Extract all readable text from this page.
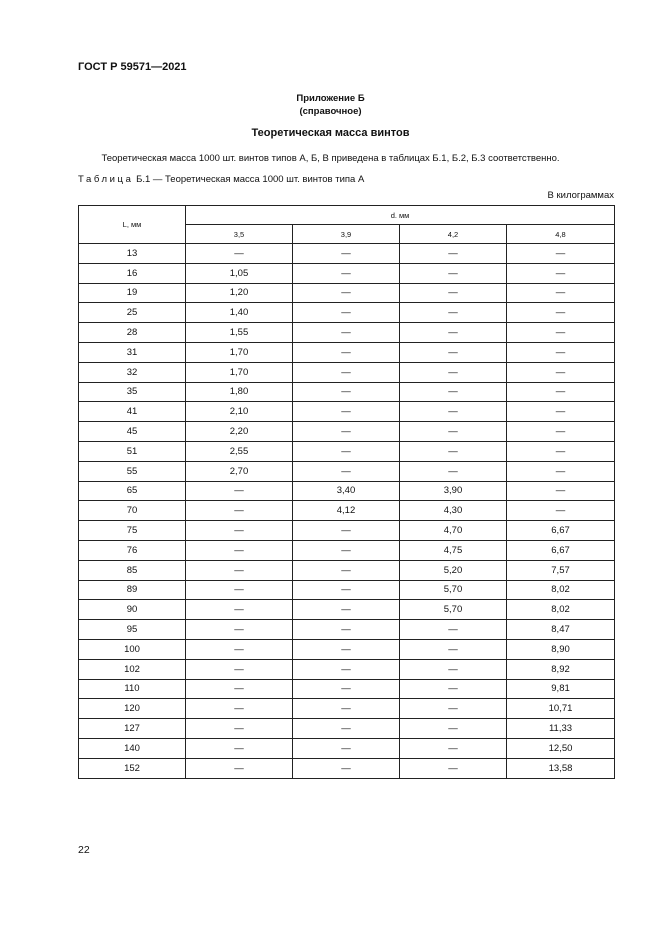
ГОСТ Р 59571—2021
Приложение Б
(справочное)
Теоретическая масса винтов
Теоретическая масса 1000 шт. винтов типов А, Б, В приведена в таблицах Б.1, Б.2, Б.3 соответственно.
Таблица Б.1 — Теоретическая масса 1000 шт. винтов типа А
В килограммах
L, мм	d. мм			
	3,5	3,9	4,2	4,8
13	—	—	—	—
16	1,05	—	—	—
19	1,20	—	—	—
25	1,40	—	—	—
28	1,55	—	—	—
31	1,70	—	—	—
32	1,70	—	—	—
35	1,80	—	—	—
41	2,10	—	—	—
45	2,20	—	—	—
51	2,55	—	—	—
55	2,70	—	—	—
65	—	3,40	3,90	—
70	—	4,12	4,30	—
75	—	—	4,70	6,67
76	—	—	4,75	6,67
85	—	—	5,20	7,57
89	—	—	5,70	8,02
90	—	—	5,70	8,02
95	—	—	—	8,47
100	—	—	—	8,90
102	—	—	—	8,92
110	—	—	—	9,81
120	—	—	—	10,71
127	—	—	—	11,33
140	—	—	—	12,50
152	—	—	—	13,58
22
